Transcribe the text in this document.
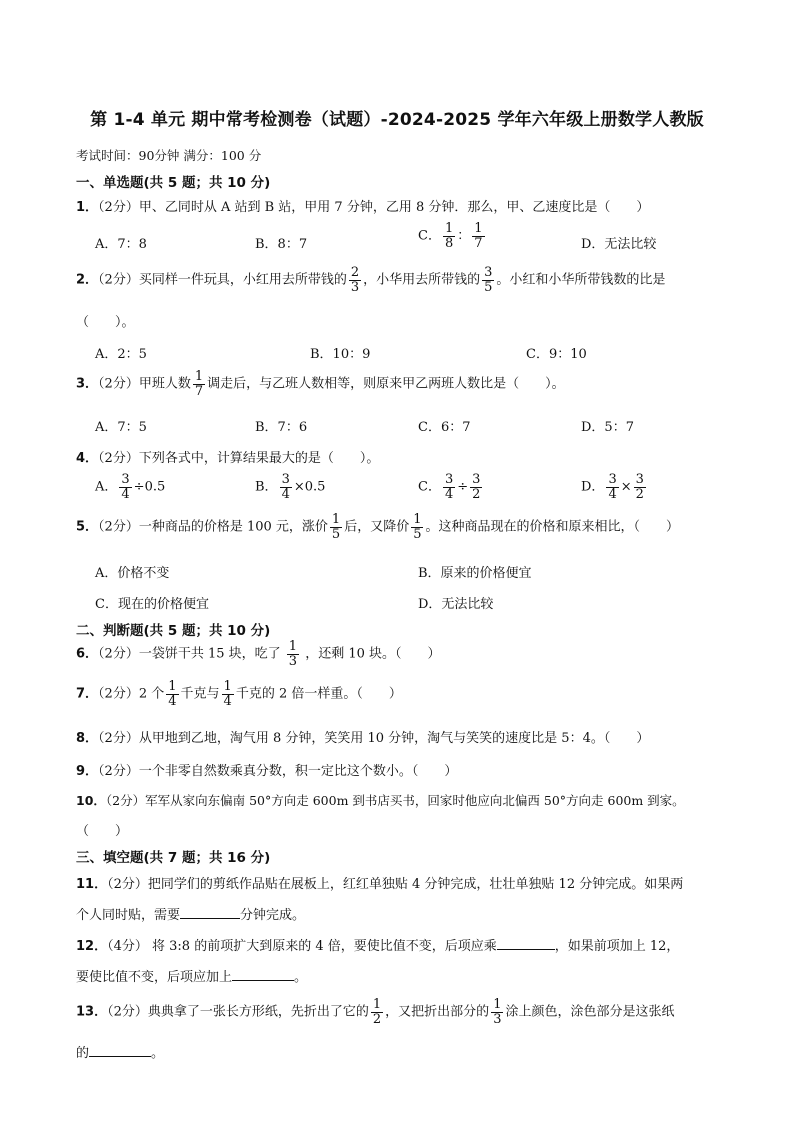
第 1-4 单元 期中常考检测卷（试题）-2024-2025 学年六年级上册数学人教版
考试时间：90分钟 满分：100 分
一、单选题(共 5 题；共 10 分)
1．（2分）甲、乙同时从 A 站到 B 站，甲用 7 分钟，乙用 8 分钟．那么，甲、乙速度比是（　　）
A．7：8	B．8：7
C． $\frac{1}{8}$ ： $\frac{1}{7}$	D．无法比较
2．（2分）买同样一件玩具，小红用去所带钱的 $\frac{2}{3}$ ，小华用去所带钱的 $\frac{3}{5}$ 。小红和小华所带钱数的比是
（　　）。
A．2：5	B．10：9	C．9：10
3．（2分）甲班人数 $\frac{1}{7}$ 调走后，与乙班人数相等，则原来甲乙两班人数比是（　　）。
A．7：5	B．7：6	C．6：7	D．5：7
4．（2分）下列各式中，计算结果最大的是（　　）。
A． $\frac{3}{4} \div 0.5$	B． $\frac{3}{4} \times 0.5$	C． $\frac{3}{4} \div \frac{3}{2}$	D． $\frac{3}{4} \times \frac{3}{2}$
5．（2分）一种商品的价格是 100 元，涨价 $\frac{1}{5}$ 后，又降价 $\frac{1}{5}$ 。这种商品现在的价格和原来相比，（　　）
A．价格不变	B．原来的价格便宜
C．现在的价格便宜	D．无法比较
二、判断题(共 5 题；共 10 分)
6．（2分）一袋饼干共 15 块，吃了 $\frac{1}{3}$ ，还剩 10 块。（　　）
7．（2分）2 个 $\frac{1}{4}$ 千克与 $\frac{1}{4}$ 千克的 2 倍一样重。（　　）
8．（2分）从甲地到乙地，淘气用 8 分钟，笑笑用 10 分钟，淘气与笑笑的速度比是 5：4。（　　）
9．（2分）一个非零自然数乘真分数，积一定比这个数小。（　　）
10．（2分）军军从家向东偏南 50°方向走 600m 到书店买书，回家时他应向北偏西 50°方向走 600m 到家。
（　　）
三、填空题(共 7 题；共 16 分)
11．（2分）把同学们的剪纸作品贴在展板上，红红单独贴 4 分钟完成，壮壮单独贴 12 分钟完成。如果两
个人同时贴，需要	分钟完成。
12．（4分） 将 3:8 的前项扩大到原来的 4 倍，要使比值不变，后项应乘	，如果前项加上 12，
要使比值不变，后项应加上	。
13．（2分）典典拿了一张长方形纸，先折出了它的 $\frac{1}{2}$ ，又把折出部分的 $\frac{1}{3}$ 涂上颜色，涂色部分是这张纸
的	。
